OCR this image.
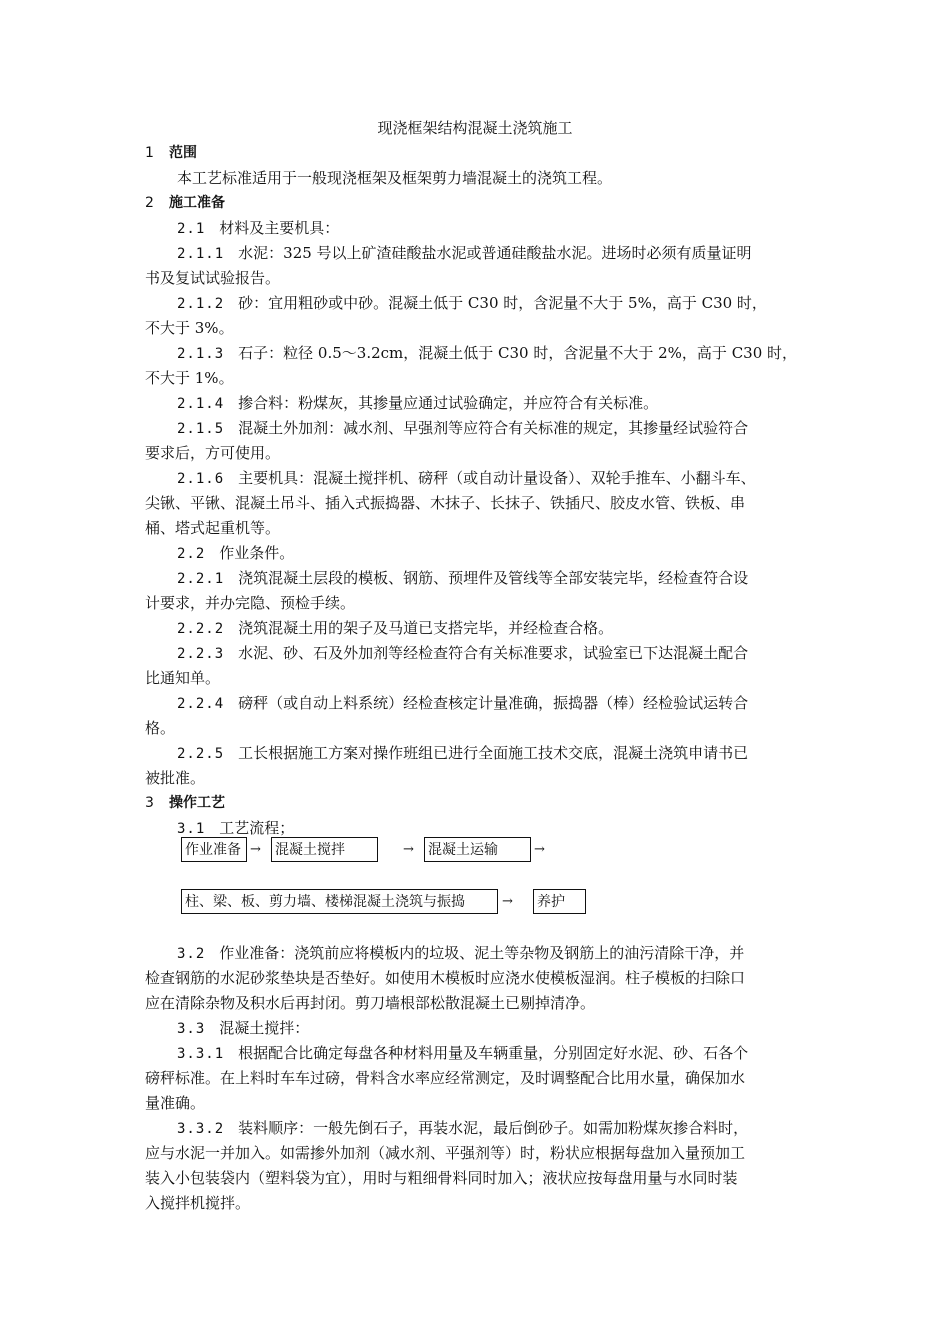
现浇框架结构混凝土浇筑施工
1 范围
本工艺标准适用于一般现浇框架及框架剪力墙混凝土的浇筑工程。
2 施工准备
2.1 材料及主要机具：
2.1.1 水泥：325 号以上矿渣硅酸盐水泥或普通硅酸盐水泥。进场时必须有质量证明
书及复试试验报告。
2.1.2 砂：宜用粗砂或中砂。混凝土低于 C30 时，含泥量不大于 5%，高于 C30 时，
不大于 3%。
2.1.3 石子：粒径 0.5～3.2cm，混凝土低于 C30 时，含泥量不大于 2%，高于 C30 时，
不大于 1%。
2.1.4 掺合料：粉煤灰，其掺量应通过试验确定，并应符合有关标准。
2.1.5 混凝土外加剂：减水剂、早强剂等应符合有关标准的规定，其掺量经试验符合
要求后，方可使用。
2.1.6 主要机具：混凝土搅拌机、磅秤（或自动计量设备）、双轮手推车、小翻斗车、
尖锹、平锹、混凝土吊斗、插入式振捣器、木抹子、长抹子、铁插尺、胶皮水管、铁板、串
桶、塔式起重机等。
2.2 作业条件。
2.2.1 浇筑混凝土层段的模板、钢筋、预埋件及管线等全部安装完毕，经检查符合设
计要求，并办完隐、预检手续。
2.2.2 浇筑混凝土用的架子及马道已支搭完毕，并经检查合格。
2.2.3 水泥、砂、石及外加剂等经检查符合有关标准要求，试验室已下达混凝土配合
比通知单。
2.2.4 磅秤（或自动上料系统）经检查核定计量准确，振捣器（棒）经检验试运转合
格。
2.2.5 工长根据施工方案对操作班组已进行全面施工技术交底，混凝土浇筑申请书已
被批准。
3 操作工艺
3.1 工艺流程；
作业准备 → 混凝土搅拌	→ 混凝土运输	→
柱、梁、板、剪力墙、楼梯混凝土浇筑与振捣	→ 养护
3.2 作业准备：浇筑前应将模板内的垃圾、泥土等杂物及钢筋上的油污清除干净，并
检查钢筋的水泥砂浆垫块是否垫好。如使用木模板时应浇水使模板湿润。柱子模板的扫除口
应在清除杂物及积水后再封闭。剪刀墙根部松散混凝土已剔掉清净。
3.3 混凝土搅拌：
3.3.1 根据配合比确定每盘各种材料用量及车辆重量，分别固定好水泥、砂、石各个
磅秤标准。在上料时车车过磅，骨料含水率应经常测定，及时调整配合比用水量，确保加水
量准确。
3.3.2 装料顺序：一般先倒石子，再装水泥，最后倒砂子。如需加粉煤灰掺合料时，
应与水泥一并加入。如需掺外加剂（减水剂、平强剂等）时，粉状应根据每盘加入量预加工
装入小包装袋内（塑料袋为宜），用时与粗细骨料同时加入；液状应按每盘用量与水同时装
入搅拌机搅拌。
